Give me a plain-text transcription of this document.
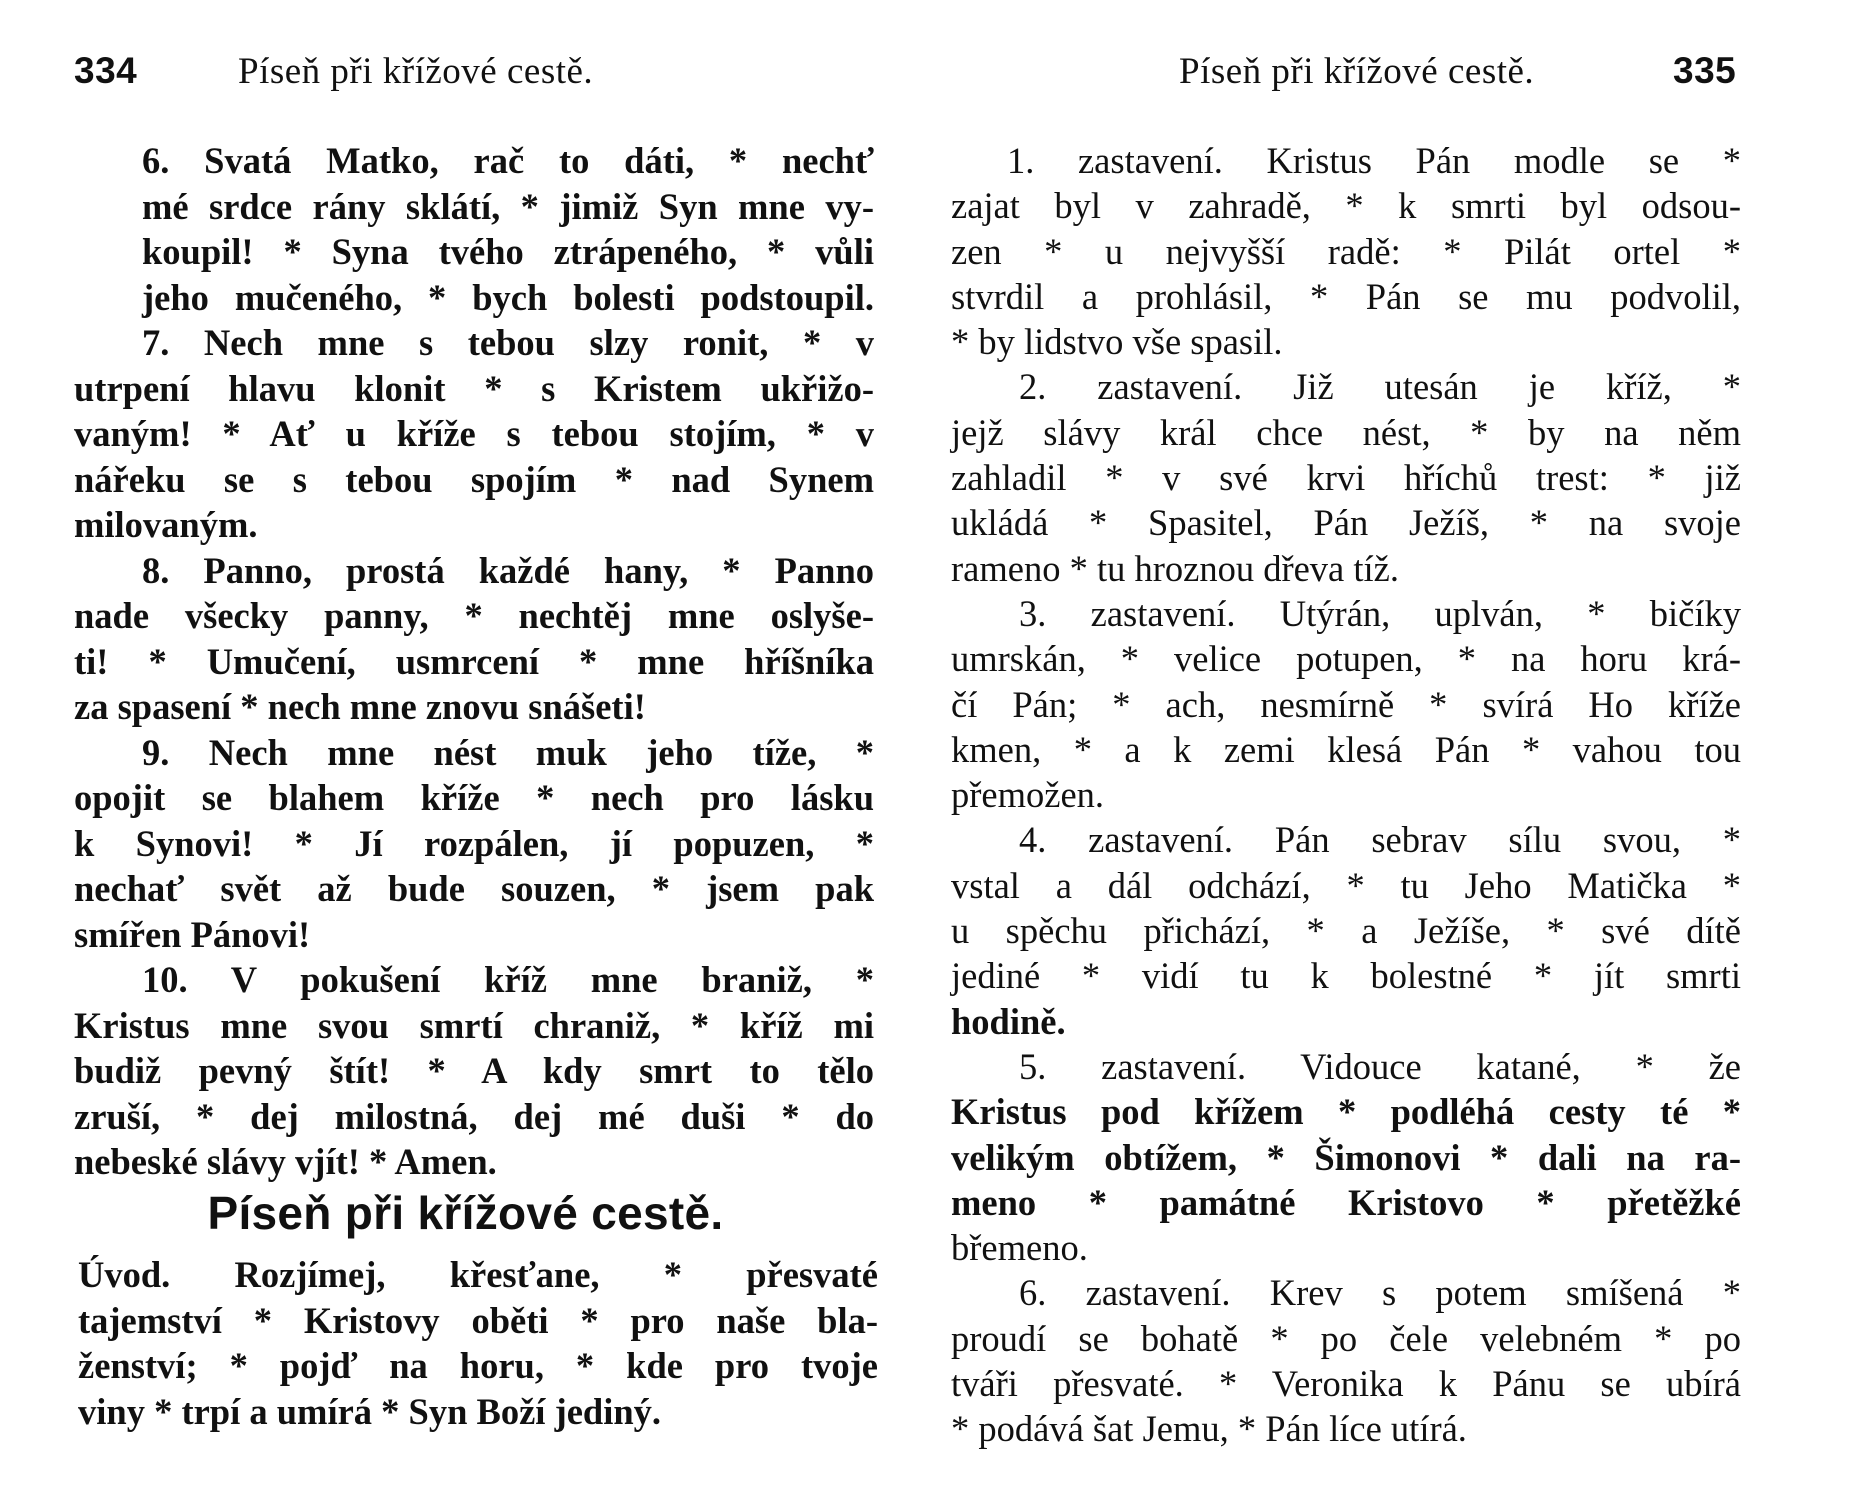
334	Píseň při křížové cestě.

6. Svatá Matko, rač to dáti, * nechť
mé srdce rány sklátí, * jimiž Syn mne vy-
koupil! * Syna tvého ztrápeného, * vůli
jeho mučeného, * bych bolesti podstoupil.

7. Nech mne s tebou slzy ronit, * v
utrpení hlavu klonit * s Kristem ukřižo-
vaným! * Ať u kříže s tebou stojím, * v
nářeku se s tebou spojím * nad Synem
milovaným.

8. Panno, prostá každé hany, * Panno
nade všecky panny, * nechtěj mne oslyše-
ti! * Umučení, usmrcení * mne hříšníka
za spasení * nech mne znovu snášeti!

9. Nech mne nést muk jeho tíže, *
opojit se blahem kříže * nech pro lásku
k Synovi! * Jí rozpálen, jí popuzen, *
nechať svět až bude souzen, * jsem pak
smířen Pánovi!

10. V pokušení kříž mne braniž, *
Kristus mne svou smrtí chraniž, * kříž mi
budiž pevný štít! * A kdy smrt to tělo
zruší, * dej milostná, dej mé duši * do
nebeské slávy vjít! * Amen.

Píseň při křížové cestě.

Úvod. Rozjímej, křesťane, * přesvaté
tajemství * Kristovy oběti * pro naše bla-
ženství; * pojď na horu, * kde pro tvoje
viny * trpí a umírá * Syn Boží jediný.

Píseň při křížové cestě.	335

1. zastavení. Kristus Pán modle se *
zajat byl v zahradě, * k smrti byl odsou-
zen * u nejvyšší radě: * Pilát ortel *
stvrdil a prohlásil, * Pán se mu podvolil,
* by lidstvo vše spasil.

2. zastavení. Již utesán je kříž, *
jejž slávy král chce nést, * by na něm
zahladil * v své krvi hříchů trest: * již
ukládá * Spasitel, Pán Ježíš, * na svoje
rameno * tu hroznou dřeva tíž.

3. zastavení. Utýrán, uplván, * bičíky
umrskán, * velice potupen, * na horu krá-
čí Pán; * ach, nesmírně * svírá Ho kříže
kmen, * a k zemi klesá Pán * vahou tou
přemožen.

4. zastavení. Pán sebrav sílu svou, *
vstal a dál odchází, * tu Jeho Matička *
u spěchu přichází, * a Ježíše, * své dítě
jediné * vidí tu k bolestné * jít smrti
hodině.

5. zastavení. Vidouce katané, * že
Kristus pod křížem * podléhá cesty té *
velikým obtížem, * Šimonovi * dali na ra-
meno * památné Kristovo * přetěžké
břemeno.

6. zastavení. Krev s potem smíšená *
proudí se bohatě * po čele velebném * po
tváři přesvaté. * Veronika k Pánu se ubírá
* podává šat Jemu, * Pán líce utírá.
